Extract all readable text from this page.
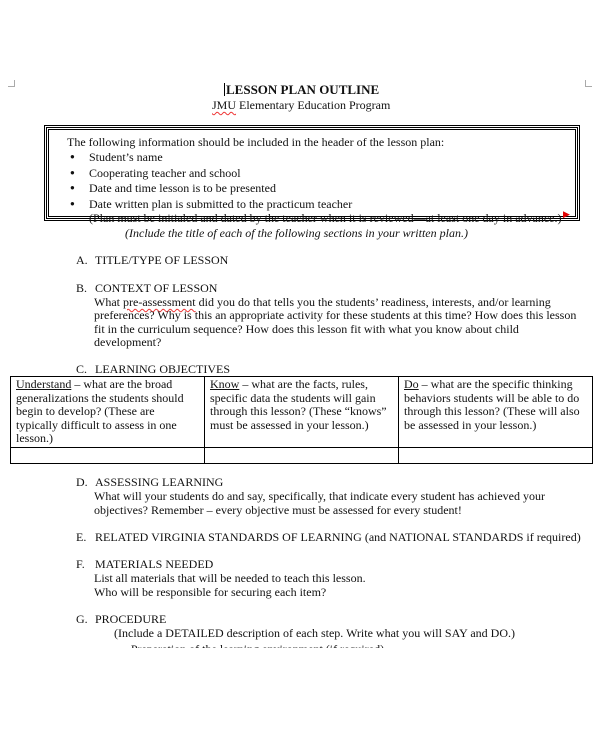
LESSON PLAN OUTLINE
JMU Elementary Education Program
The following information should be included in the header of the lesson plan:
● Student’s name
● Cooperating teacher and school
● Date and time lesson is to be presented
● Date written plan is submitted to the practicum teacher
(Plan must be initialed and dated by the teacher when it is reviewed—at least one day in advance.) ▶
(Include the title of each of the following sections in your written plan.)
A. TITLE/TYPE OF LESSON
B. CONTEXT OF LESSON
What pre-assessment did you do that tells you the students’ readiness, interests, and/or learning
preferences? Why is this an appropriate activity for these students at this time? How does this lesson
fit in the curriculum sequence? How does this lesson fit with what you know about child
development?
C. LEARNING OBJECTIVES
Understand – what are the broad generalizations the students should begin to develop? (These are typically difficult to assess in one lesson.)	Know – what are the facts, rules, specific data the students will gain through this lesson? (These “knows” must be assessed in your lesson.)	Do – what are the specific thinking behaviors students will be able to do through this lesson? (These will also be assessed in your lesson.)

D. ASSESSING LEARNING
What will your students do and say, specifically, that indicate every student has achieved your
objectives? Remember – every objective must be assessed for every student!
E. RELATED VIRGINIA STANDARDS OF LEARNING (and NATIONAL STANDARDS if required)
F. MATERIALS NEEDED
List all materials that will be needed to teach this lesson.
Who will be responsible for securing each item?
G. PROCEDURE
(Include a DETAILED description of each step. Write what you will SAY and DO.)
●
